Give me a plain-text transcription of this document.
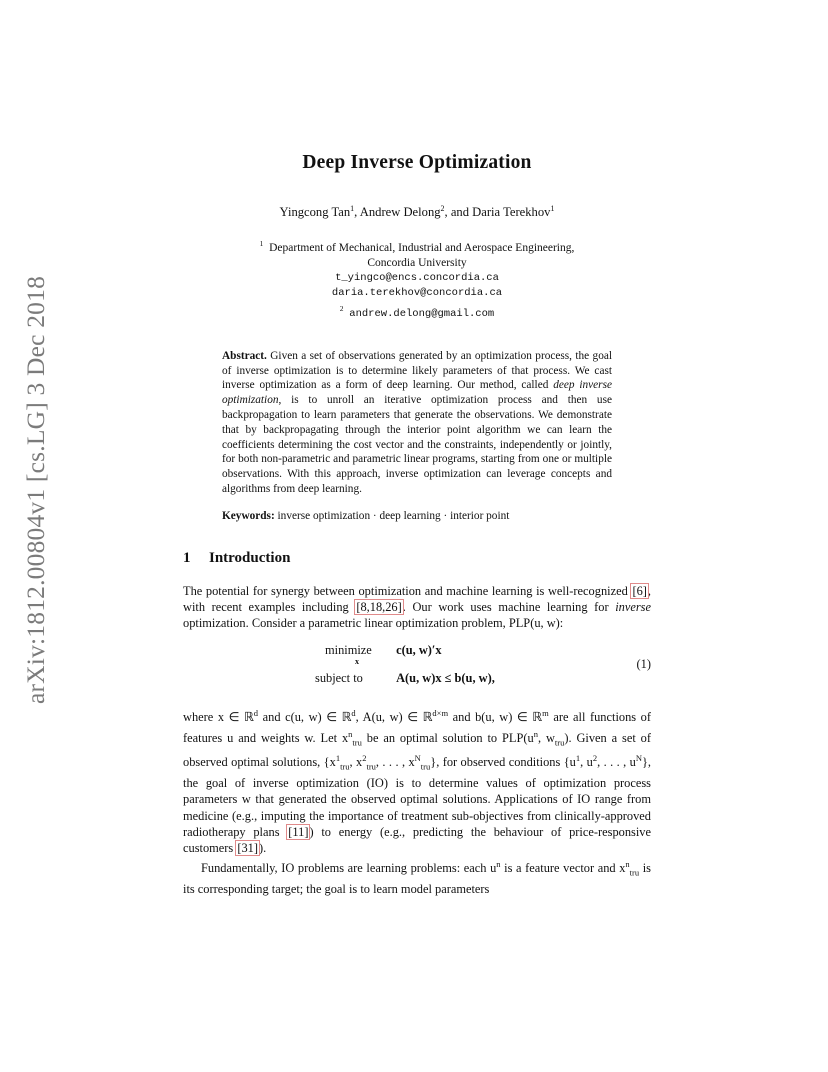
arXiv:1812.00804v1 [cs.LG] 3 Dec 2018
Deep Inverse Optimization
Yingcong Tan$^1$, Andrew Delong$^2$, and Daria Terekhov$^1$
$^1$ Department of Mechanical, Industrial and Aerospace Engineering,
Concordia University
t_yingco@encs.concordia.ca
daria.terekhov@concordia.ca
$^2$ andrew.delong@gmail.com
Abstract. Given a set of observations generated by an optimization process, the goal of inverse optimization is to determine likely parameters of that process. We cast inverse optimization as a form of deep learning. Our method, called deep inverse optimization, is to unroll an iterative optimization process and then use backpropagation to learn parameters that generate the observations. We demonstrate that by backpropagating through the interior point algorithm we can learn the coefficients determining the cost vector and the constraints, independently or jointly, for both non-parametric and parametric linear programs, starting from one or multiple observations. With this approach, inverse optimization can leverage concepts and algorithms from deep learning.
Keywords: inverse optimization · deep learning · interior point
1 Introduction

The potential for synergy between optimization and machine learning is well-recognized [6], with recent examples including [8,18,26]. Our work uses machine learning for inverse optimization. Consider a parametric linear optimization problem, PLP(u, w):

minimize
x
c(u, w)′x
subject to	A(u, w)x ≤ b(u, w),
(1)

where x ∈ ℝ$^d$ and c(u, w) ∈ ℝ$^d$, A(u, w) ∈ ℝ$^{d\times m}$ and b(u, w) ∈ ℝ$^m$ are all functions of features u and weights w. Let $x^n_{tru}$ be an optimal solution to $PLP(u^n$, $w_{tru}$). Given a set of observed optimal solutions, {$x^1_{tru}$, $x^2_{tru}$, . . . , $x^N_{tru}$}, for observed conditions {$u^1$, $u^2$, . . . , $u^N$}, the goal of inverse optimization (IO) is to determine values of optimization process parameters w that generated the observed optimal solutions. Applications of IO range from medicine (e.g., imputing the importance of treatment sub-objectives from clinically-approved radiotherapy plans [11]) to energy (e.g., predicting the behaviour of price-responsive customers [31]).

Fundamentally, IO problems are learning problems: each $u^n$ is a feature vector and $x^n_{tru}$ is its corresponding target; the goal is to learn model parameters
